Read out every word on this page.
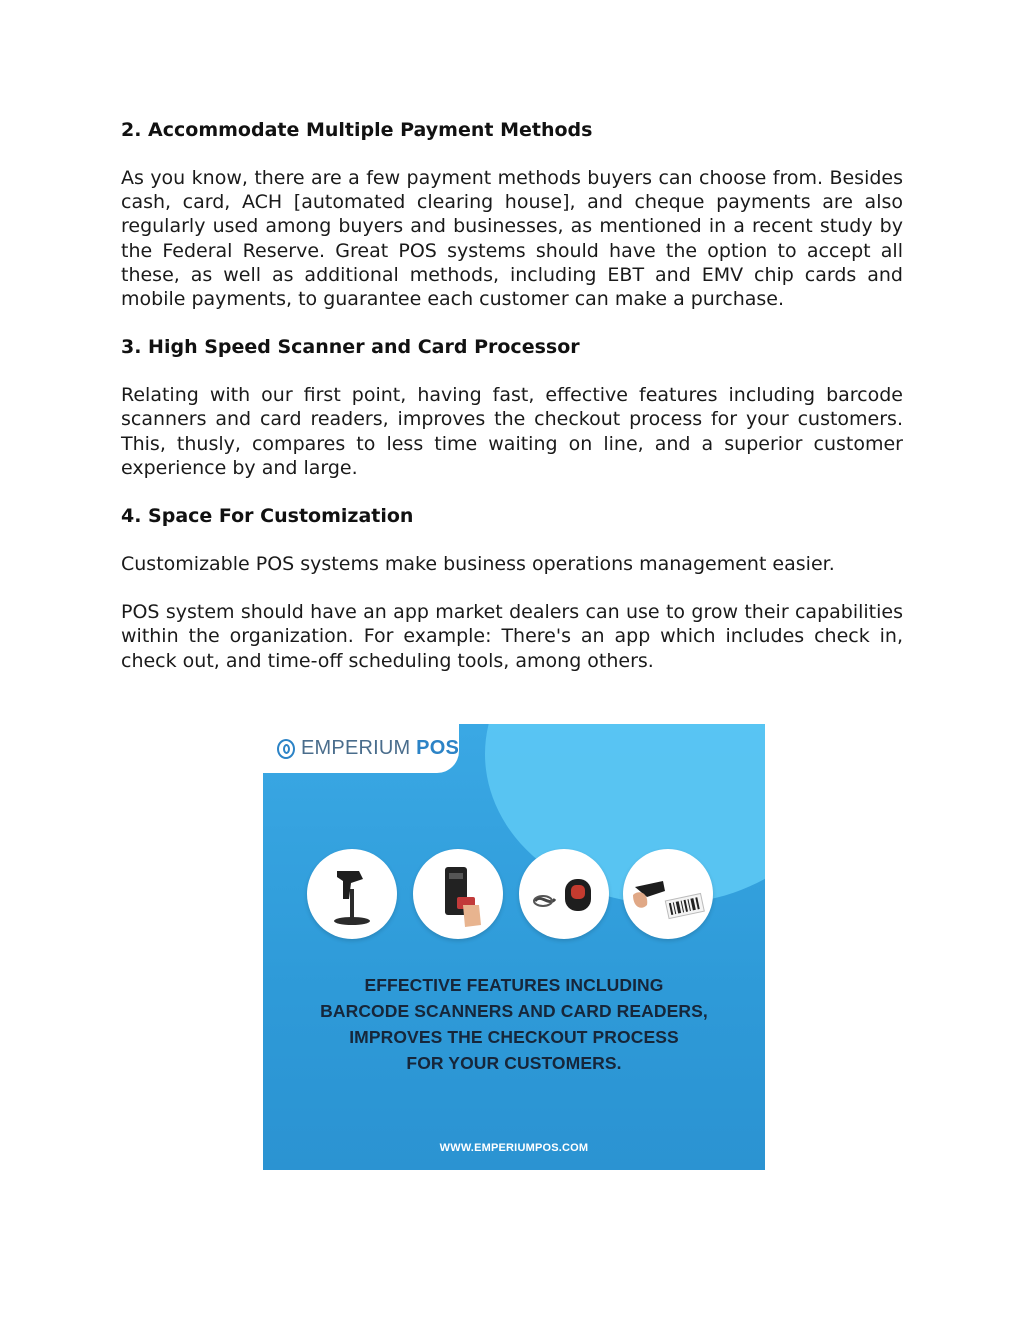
2. Accommodate Multiple Payment Methods

As you know, there are a few payment methods buyers can choose from. Besides cash, card, ACH [automated clearing house], and cheque payments are also regularly used among buyers and businesses, as mentioned in a recent study by the Federal Reserve. Great POS systems should have the option to accept all these, as well as additional methods, including EBT and EMV chip cards and mobile payments, to guarantee each customer can make a purchase.

3. High Speed Scanner and Card Processor

Relating with our first point, having fast, effective features including barcode scanners and card readers, improves the checkout process for your customers. This, thusly, compares to less time waiting on line, and a superior customer experience by and large.

4. Space For Customization

Customizable POS systems make business operations management easier.

POS system should have an app market dealers can use to grow their capabilities within the organization. For example: There's an app which includes check in, check out, and time-off scheduling tools, among others.

EMPERIUM POS
EFFECTIVE FEATURES INCLUDING
BARCODE SCANNERS AND CARD READERS,
IMPROVES THE CHECKOUT PROCESS
FOR YOUR CUSTOMERS.
WWW.EMPERIUMPOS.COM
